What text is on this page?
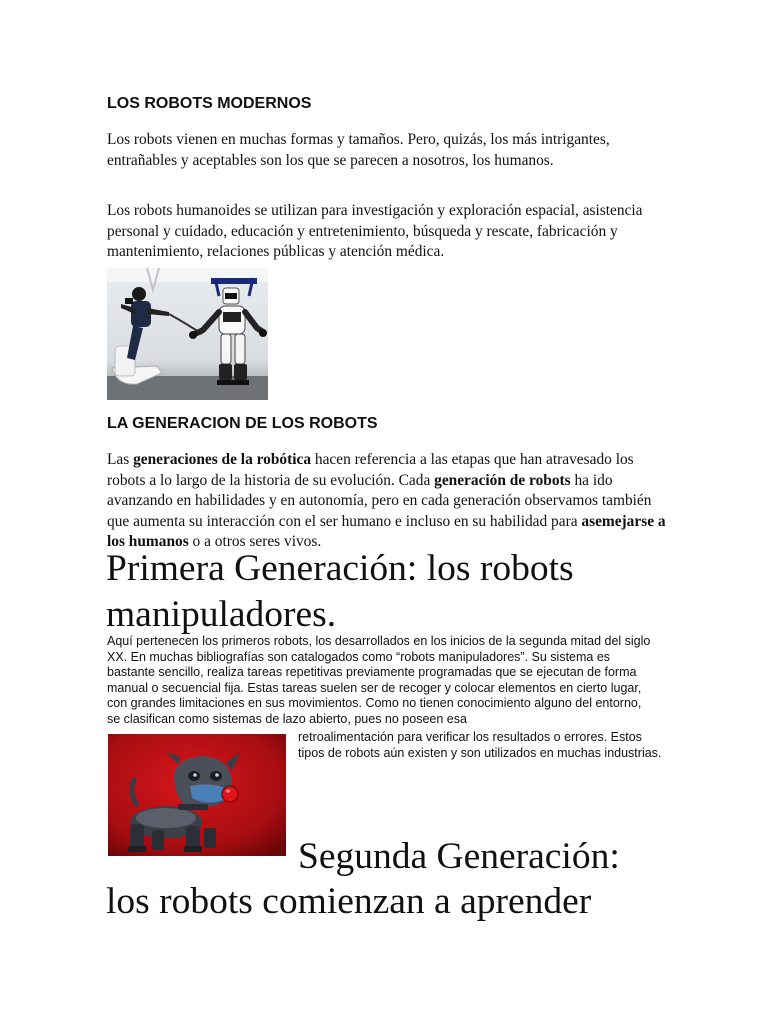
LOS ROBOTS MODERNOS

Los robots vienen en muchas formas y tamaños. Pero, quizás, los más intrigantes, entrañables y aceptables son los que se parecen a nosotros, los humanos.

Los robots humanoides se utilizan para investigación y exploración espacial, asistencia personal y cuidado, educación y entretenimiento, búsqueda y rescate, fabricación y mantenimiento, relaciones públicas y atención médica.

LA GENERACION DE LOS ROBOTS

Las generaciones de la robótica hacen referencia a las etapas que han atravesado los robots a lo largo de la historia de su evolución. Cada generación de robots ha ido avanzando en habilidades y en autonomía, pero en cada generación observamos también que aumenta su interacción con el ser humano e incluso en su habilidad para asemejarse a los humanos o a otros seres vivos.

Primera Generación: los robots
manipuladores.

Aquí pertenecen los primeros robots, los desarrollados en los inicios de la segunda mitad del siglo XX. En muchas bibliografías son catalogados como “robots manipuladores”. Su sistema es bastante sencillo, realiza tareas repetitivas previamente programadas que se ejecutan de forma manual o secuencial fija. Estas tareas suelen ser de recoger y colocar elementos en cierto lugar, con grandes limitaciones en sus movimientos. Como no tienen conocimiento alguno del entorno, se clasifican como sistemas de lazo abierto, pues no poseen esa

retroalimentación para verificar los resultados o errores. Estos tipos de robots aún existen y son utilizados en muchas industrias.

Segunda Generación:
los robots comienzan a aprender
